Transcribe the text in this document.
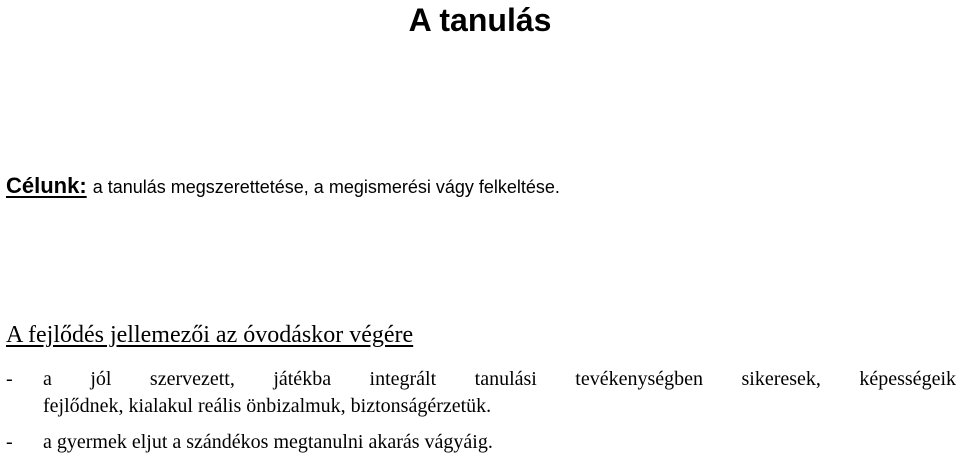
A tanulás
Célunk: a tanulás megszerettetése, a megismerési vágy felkeltése.
A fejlődés jellemezői az óvodáskor végére
- a jól szervezett, játékba integrált tanulási tevékenységben sikeresek, képességeik
fejlődnek, kialakul reális önbizalmuk, biztonságérzetük.
- a gyermek eljut a szándékos megtanulni akarás vágyáig.
